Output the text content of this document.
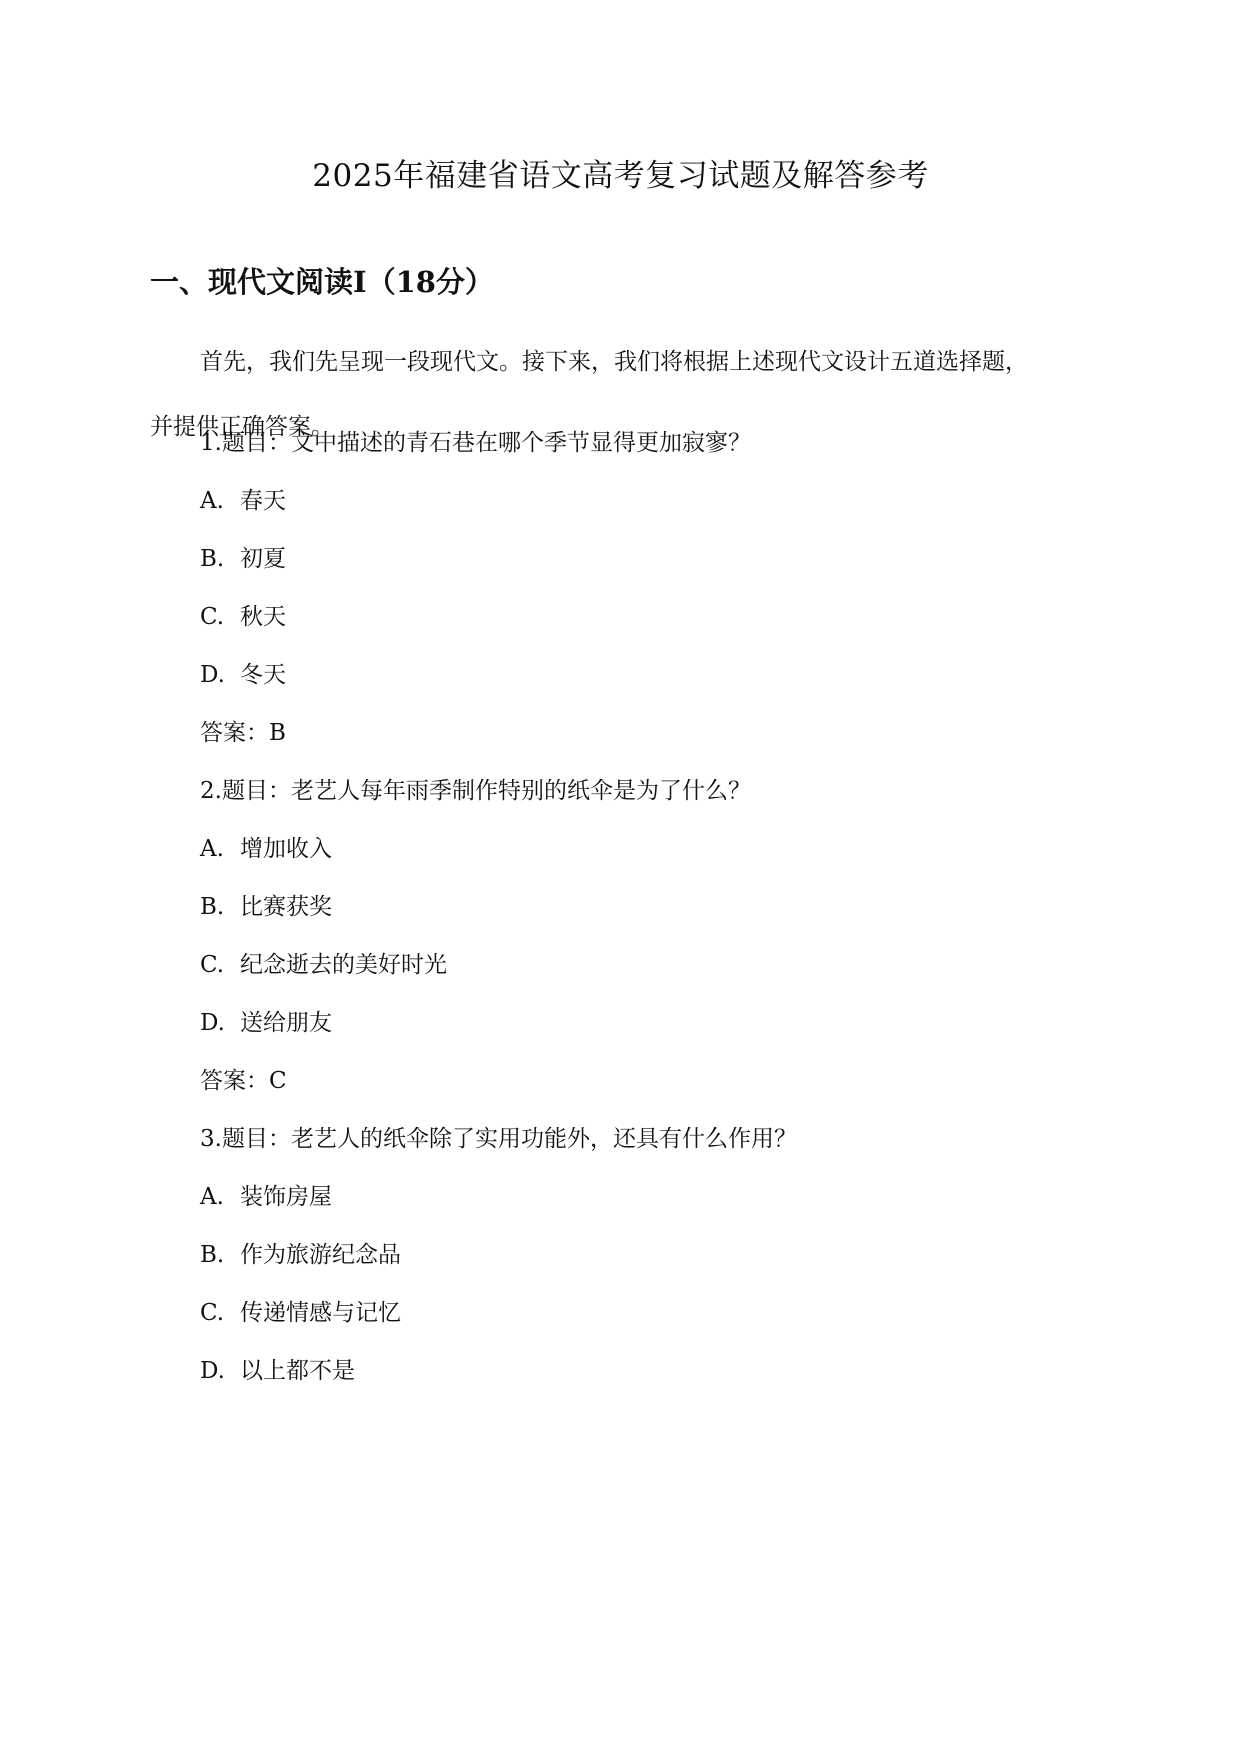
2025年福建省语文高考复习试题及解答参考
一、现代文阅读Ⅰ（18分）
首先，我们先呈现一段现代文。接下来，我们将根据上述现代文设计五道选择题，
并提供正确答案。
1.题目：文中描述的青石巷在哪个季节显得更加寂寥？
A. 春天
B. 初夏
C. 秋天
D. 冬天
答案：B
2.题目：老艺人每年雨季制作特别的纸伞是为了什么？
A. 增加收入
B. 比赛获奖
C. 纪念逝去的美好时光
D. 送给朋友
答案：C
3.题目：老艺人的纸伞除了实用功能外，还具有什么作用？
A. 装饰房屋
B. 作为旅游纪念品
C. 传递情感与记忆
D. 以上都不是
